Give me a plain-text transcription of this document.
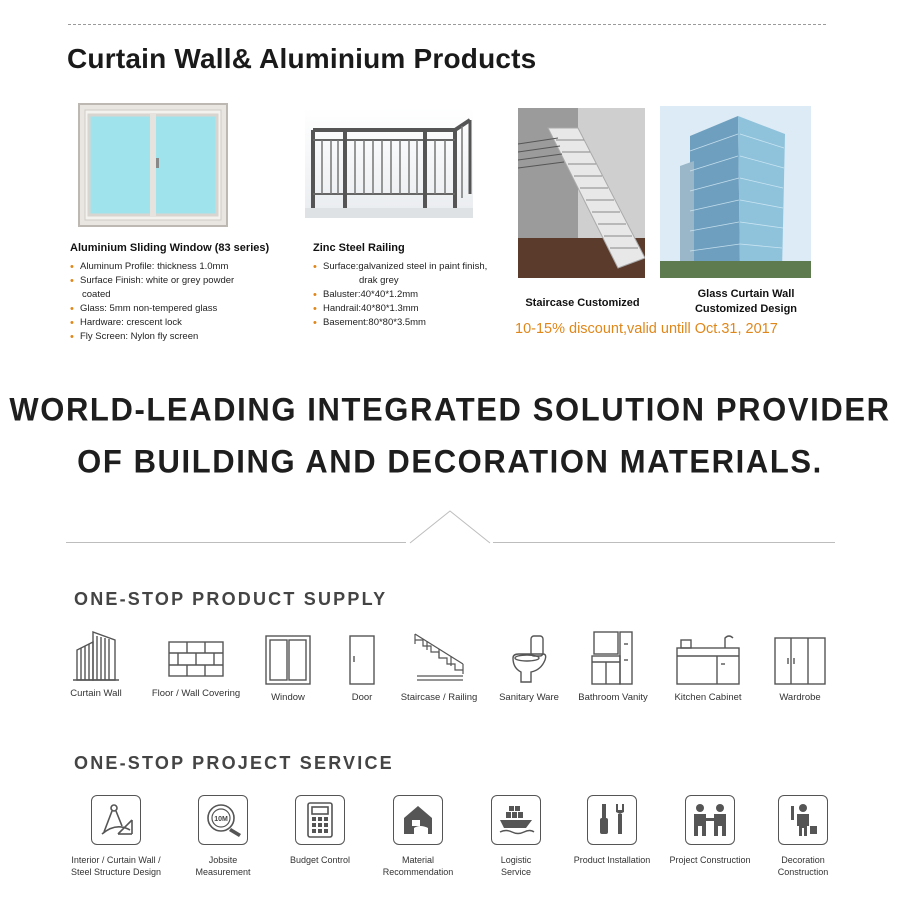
Curtain Wall& Aluminium Products
Aluminium Sliding Window (83 series)
• Aluminum Profile: thickness 1.0mm
• Surface Finish: white or grey powder
coated
• Glass: 5mm non-tempered glass
• Hardware: crescent lock
• Fly Screen: Nylon fly screen
Zinc Steel Railing
• Surface:galvanized steel in paint finish,
drak grey
• Baluster:40*40*1.2mm
• Handrail:40*80*1.3mm
• Basement:80*80*3.5mm
Staircase Customized
Glass Curtain Wall
Customized Design
10-15% discount,valid untill Oct.31, 2017
WORLD-LEADING INTEGRATED SOLUTION PROVIDER
OF BUILDING AND DECORATION MATERIALS.
ONE-STOP PRODUCT SUPPLY
Curtain Wall	Floor / Wall Covering	Window	Door	Staircase / Railing	Sanitary Ware	Bathroom Vanity	Kitchen Cabinet	Wardrobe
ONE-STOP PROJECT SERVICE
Interior / Curtain Wall /
Steel Structure Design
10M
Jobsite
Measurement
Budget Control	Material
Recommendation
Logistic
Service
Product Installation	Project Construction	Decoration
Construction
